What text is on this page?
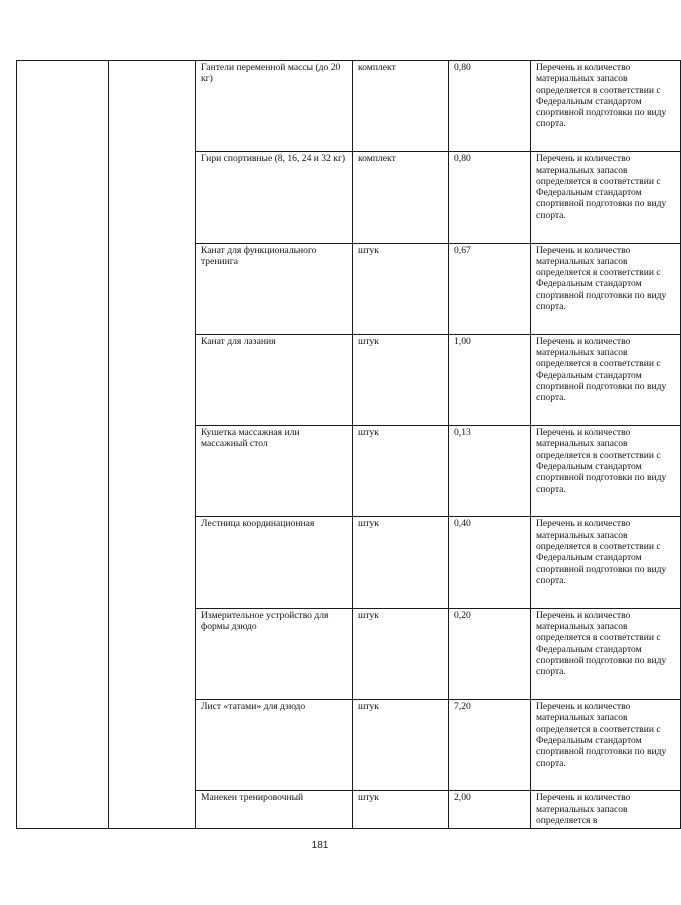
		Гантели переменной массы (до 20 кг)	комплект	0,80	Перечень и количество материальных запасов определяется в соответствии с Федеральным стандартом спортивной подготовки по виду спорта.

		Гири спортивные (8, 16, 24 и 32 кг)	комплект	0,80	Перечень и количество материальных запасов определяется в соответствии с Федеральным стандартом спортивной подготовки по виду спорта.

		Канат для функционального тренинга	штук	0,67	Перечень и количество материальных запасов определяется в соответствии с Федеральным стандартом спортивной подготовки по виду спорта.

		Канат для лазания	штук	1,00	Перечень и количество материальных запасов определяется в соответствии с Федеральным стандартом спортивной подготовки по виду спорта.

		Кушетка массажная или массажный стол	штук	0,13	Перечень и количество материальных запасов определяется в соответствии с Федеральным стандартом спортивной подготовки по виду спорта.

		Лестница координационная	штук	0,40	Перечень и количество материальных запасов определяется в соответствии с Федеральным стандартом спортивной подготовки по виду спорта.

		Измерительное устройство для формы дзюдо	штук	0,20	Перечень и количество материальных запасов определяется в соответствии с Федеральным стандартом спортивной подготовки по виду спорта.

		Лист «татами» для дзюдо	штук	7,20	Перечень и количество материальных запасов определяется в соответствии с Федеральным стандартом спортивной подготовки по виду спорта.

		Манекен тренировочный	штук	2,00	Перечень и количество материальных запасов определяется в
181
